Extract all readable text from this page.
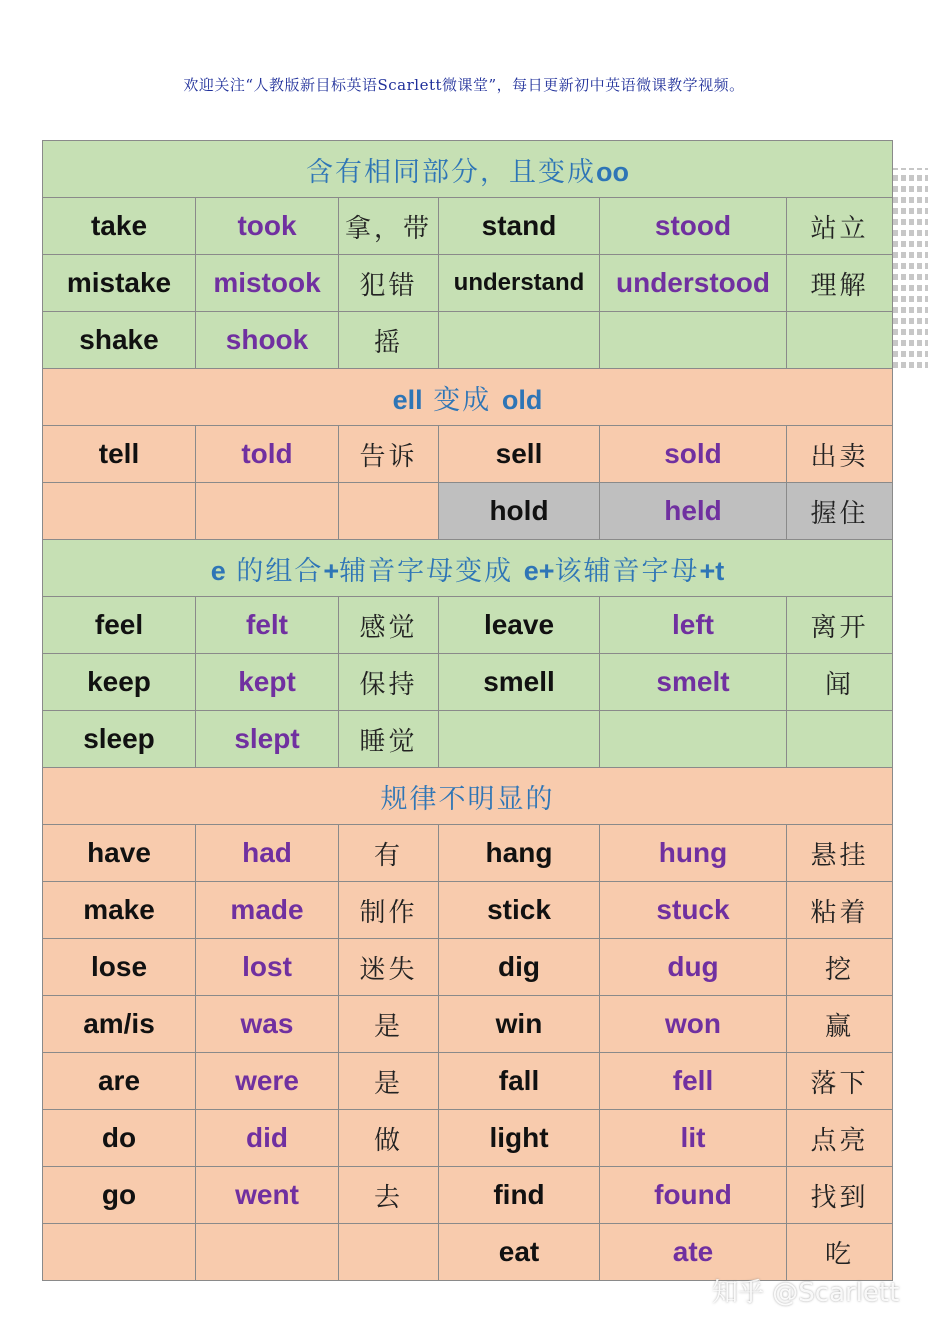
欢迎关注“人教版新目标英语Scarlett微课堂”，每日更新初中英语微课教学视频。
含有相同部分，且变成oo					
take	took	拿，带	stand	stood	站立
mistake	mistook	犯错	understand	understood	理解
shake	shook	摇			
ell 变成 old					
tell	told	告诉	sell	sold	出卖
			hold	held	握住
e 的组合+辅音字母变成 e+该辅音字母+t					
feel	felt	感觉	leave	left	离开
keep	kept	保持	smell	smelt	闻
sleep	slept	睡觉			
规律不明显的					
have	had	有	hang	hung	悬挂
make	made	制作	stick	stuck	粘着
lose	lost	迷失	dig	dug	挖
am/is	was	是	win	won	赢
are	were	是	fall	fell	落下
do	did	做	light	lit	点亮
go	went	去	find	found	找到
			eat	ate	吃
知乎 @Scarlett
